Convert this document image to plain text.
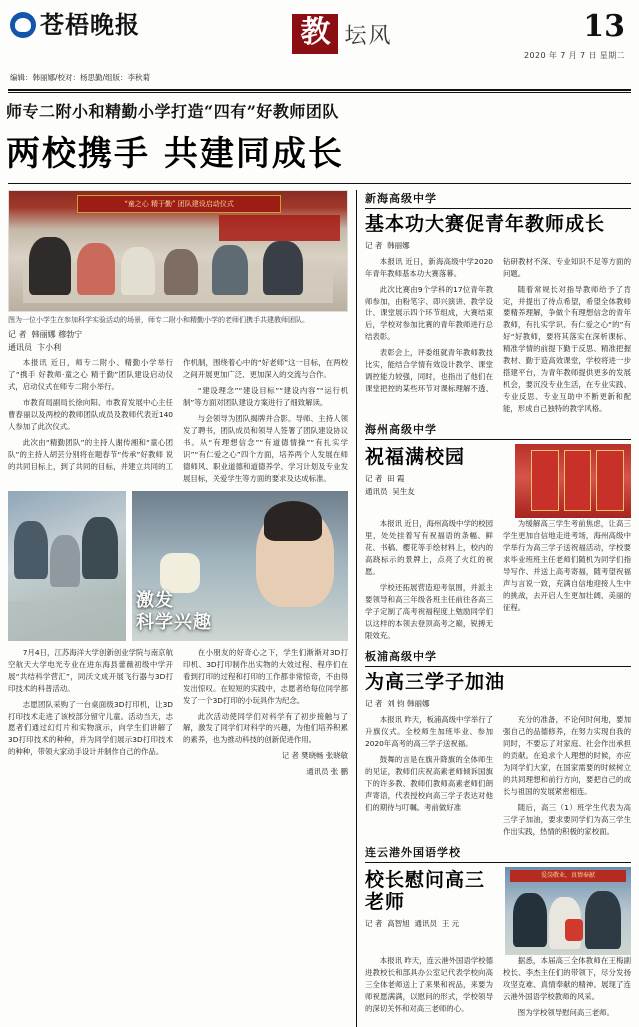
苍梧晚报	教 坛风	13
2020 年 7 月 7 日 星期二
编辑：韩丽娜/校对：杨思勤/组版：李秋菊
师专二附小和精勤小学打造“四有”好教师团队
两校携手 共建同成长
“童之心 精于勤” 团队建设启动仪式
图为一位小学生在参加科学实验活动的场景，师专二附小和精勤小学的老师们携手共建教师团队。
记 者 韩丽娜 穆勃宁
通讯员 卞小利

本报讯 近日，师专二附小、精勤小学举行了“携手 好教师·童之心 精于勤”团队建设启动仪式，启动仪式在师专二附小举行。

市教育局副局长徐向阳、市教育发展中心主任曹春丽以及两校的教师团队成员及教师代表近140人参加了此次仪式。

此次由“精勤团队”的主持人谢传湘和“童心团队”的主持人胡芸分别将在题春节“传承”好教师 说的共同目标上，到了共同的目标，并建立共同的工作机制，围绕着心中的“好老师”这一目标，在两校之间开展更加广泛、更加深入的交流与合作。

“建设理念”“建设目标”“建设内容”“运行机制”等方面对团队建设方案进行了细致解读。

与会领导为团队揭牌并合影。导师、主持人领发了聘书，团队成员和领导人签署了团队建设协议书。从“有理想信念”“有道德情操”“有扎实学识”“有仁爱之心”四个方面，培养两个人发展在师德师风、职业道德和道德养学、学习计划及专业发展目标，关爱学生等方面的要求及达成标准。

激发
科学兴趣

7月4日，江苏海洋大学创新创业学院与南京航空航天大学电光专业在进东海县蕾薇初级中学开展“共结科学营汇”，同沃文成开展飞行器与3D打印技术的科普活动。

志愿团队采购了一台桌面级3D打印机，让3D打印技术走进了该校部分留守儿童。活动当天，志愿者们通过幻灯片和实物演示，向学生们讲解了3D打印技术的种种，并为同学们展示3D打印技术的种种，带领大家动手设计并制作自己的作品。

在小朋友的好奇心之下，学生们渐渐对3D打印机、3D打印制作出实物的大效过程、程序们在看到打印的过程和打印的工作都非常惊奇，不由得发出惊叹。在短短的实践中，志愿者给每位同学都发了一个3D打印的小玩具作为纪念。

此次活动使同学们对科学有了初步接触与了解，激发了同学们对科学的兴趣，为他们培养积累的素养，也为推动科技的创新促进作用。

记 者 樊晓畅 张晓敏

通讯员 张 鹏

新海高级中学
基本功大赛促青年教师成长
记 者 韩丽娜

本报讯 近日，新海高级中学2020年青年教师基本功大赛落幕。

此次比赛由9个学科的17位青年教师参加，由粉笔字、即兴演讲、教学设计、课堂展示四个环节组成，大赛结束后，学校对参加比赛的青年教师进行总结表彰。

表彰会上，评委组就青年教师教技比实，能结合学情有效设计教学、课堂调控能力较强，同时，也指出了他们在课堂把控的某些环节对课标理解不透、钻研教材不深、专业知识不足等方面的问题。

随着常规长对指导教师给予了肯定，并提出了待点希望，希望全体教师要精养理解，争做个有理想信念的青年教师，有扎实学识、有仁爱之心“的”有好“好教师，要将其落实在深析课标、精准学情的前提下勤于反思、精准把握教材、勤于造高效课堂，学校将进一步搭建平台，为青年教师提供更多的发展机会，要沉没专业生活，在专业实践、专业反思、专业互助中不断更新和配能，形成自己独特的教学风格。

海州高级中学
祝福满校园
记 者 田 霞
通讯员 吴生友

本报讯 近日，海州高级中学的校园里，处处挂着写有祝福语的条幅、鲜花、书稿、樱花等手绘材料上，校内的高跷标示的景牌上，点亮了火红的祝愿。

学校还拓展营造迎考氛围，并派主要领导和高三年级各班主任前往各高三学子定制了高考祝福程度上勉励同学们以这样的本领去登顶高考之巅，锐搏无限效充。

为缓解高三学生考前焦虑，让高三学生更加自信地走进考场，海州高级中学举行为高三学子送祝福活动，学校要求毕业班班主任老师们随机为同学们指导写作、并送上高考寄福，随考望祝福声与言说一致，充满自信地迎接人生中的挑战，去开启人生更加壮阔、美丽的征程。

板浦高级中学
为高三学子加油
记 者 刘 钧 韩丽娜

本报讯 昨天，板浦高级中学举行了升旗仪式。全校师生加班毕业、参加2020年高考的高三学子送祝福。

鼓舞的言是在旗升降旗的全体师生的见证，教师们庆祝高素老师倾诉国旗下的许多教、教师们教师高素老师们朗声寄语，代表授校向高三学子表达对他们的期待与叮嘱。考前做好准

充分的准备，不论何时何地，要加强自己的品德修养，在努力实现自我的同时，不要忘了对家庭、社会作出承担的贡献。在追求个人理想的时候，亦应为同学们大家，在国家需要的时候树立的共同理想和前行方向，要把自己的成长与祖国的发展紧密相连。

随后，高三（1）班学生代表为高三学子加油，要求要同学们为高三学生作出实践，热情的积极的家校面。

连云港外国语学校
校长慰问高三老师
记 者 高智旭 通讯员 王 元
爱岗敬业，真情奉献

本报讯 昨天，连云港外国语学校德进教校长和部具办公室记代表学校向高三全体老师送上了来果和祝品，来要为师祝愿满满，以慰问的形式，学校领导的深切关怀和对高三老师的心。

据悉，本届高三全体教师在王梅副校长、李杰主任们的带领下，尽分发扬攻坚克难、真情奉献的精神。展现了连云港外国语学校教师的风采。

图为学校领导慰问高三老师。
